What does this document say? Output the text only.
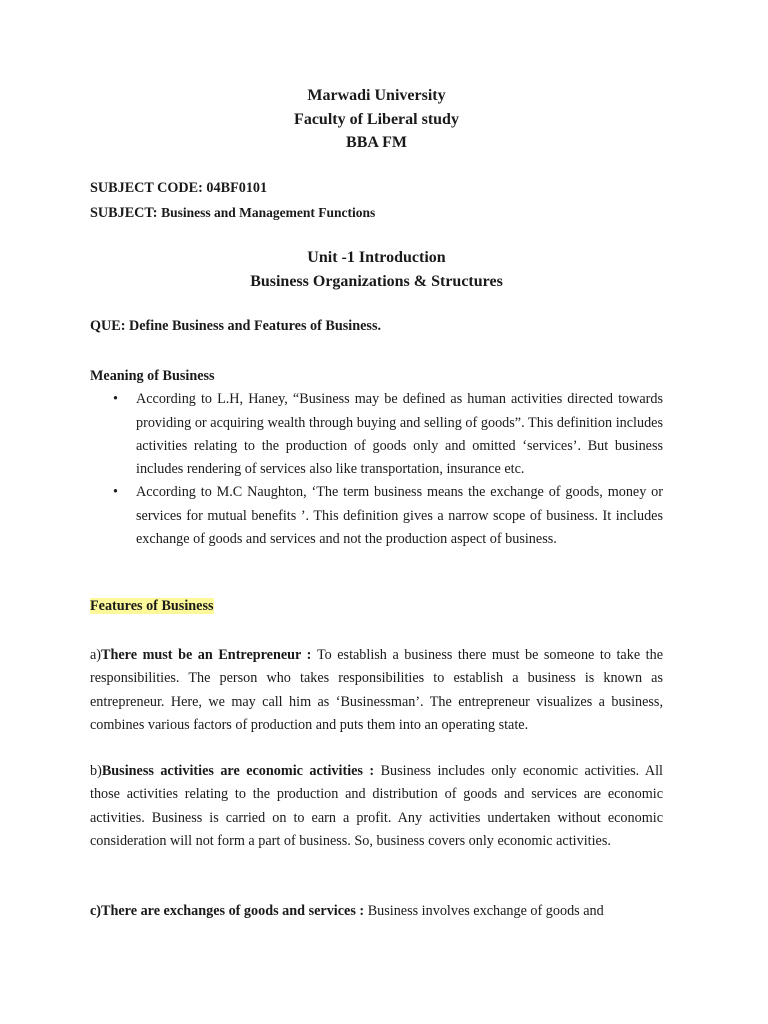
Marwadi University
Faculty of Liberal study
BBA FM
SUBJECT CODE: 04BF0101
SUBJECT: Business and Management Functions
Unit -1 Introduction
Business Organizations & Structures
QUE: Define Business and Features of Business.
Meaning of Business
• According to L.H, Haney, “Business may be defined as human activities directed towards providing or acquiring wealth through buying and selling of goods”. This definition includes activities relating to the production of goods only and omitted ‘services’. But business includes rendering of services also like transportation, insurance etc.
• According to M.C Naughton, ‘The term business means the exchange of goods, money or services for mutual benefits ’. This definition gives a narrow scope of business. It includes exchange of goods and services and not the production aspect of business.
Features of Business
a)There must be an Entrepreneur : To establish a business there must be someone to take the responsibilities. The person who takes responsibilities to establish a business is known as entrepreneur. Here, we may call him as ‘Businessman’. The entrepreneur visualizes a business, combines various factors of production and puts them into an operating state.
b)Business activities are economic activities : Business includes only economic activities. All those activities relating to the production and distribution of goods and services are economic activities. Business is carried on to earn a profit. Any activities undertaken without economic consideration will not form a part of business. So, business covers only economic activities.
c)There are exchanges of goods and services : Business involves exchange of goods and
